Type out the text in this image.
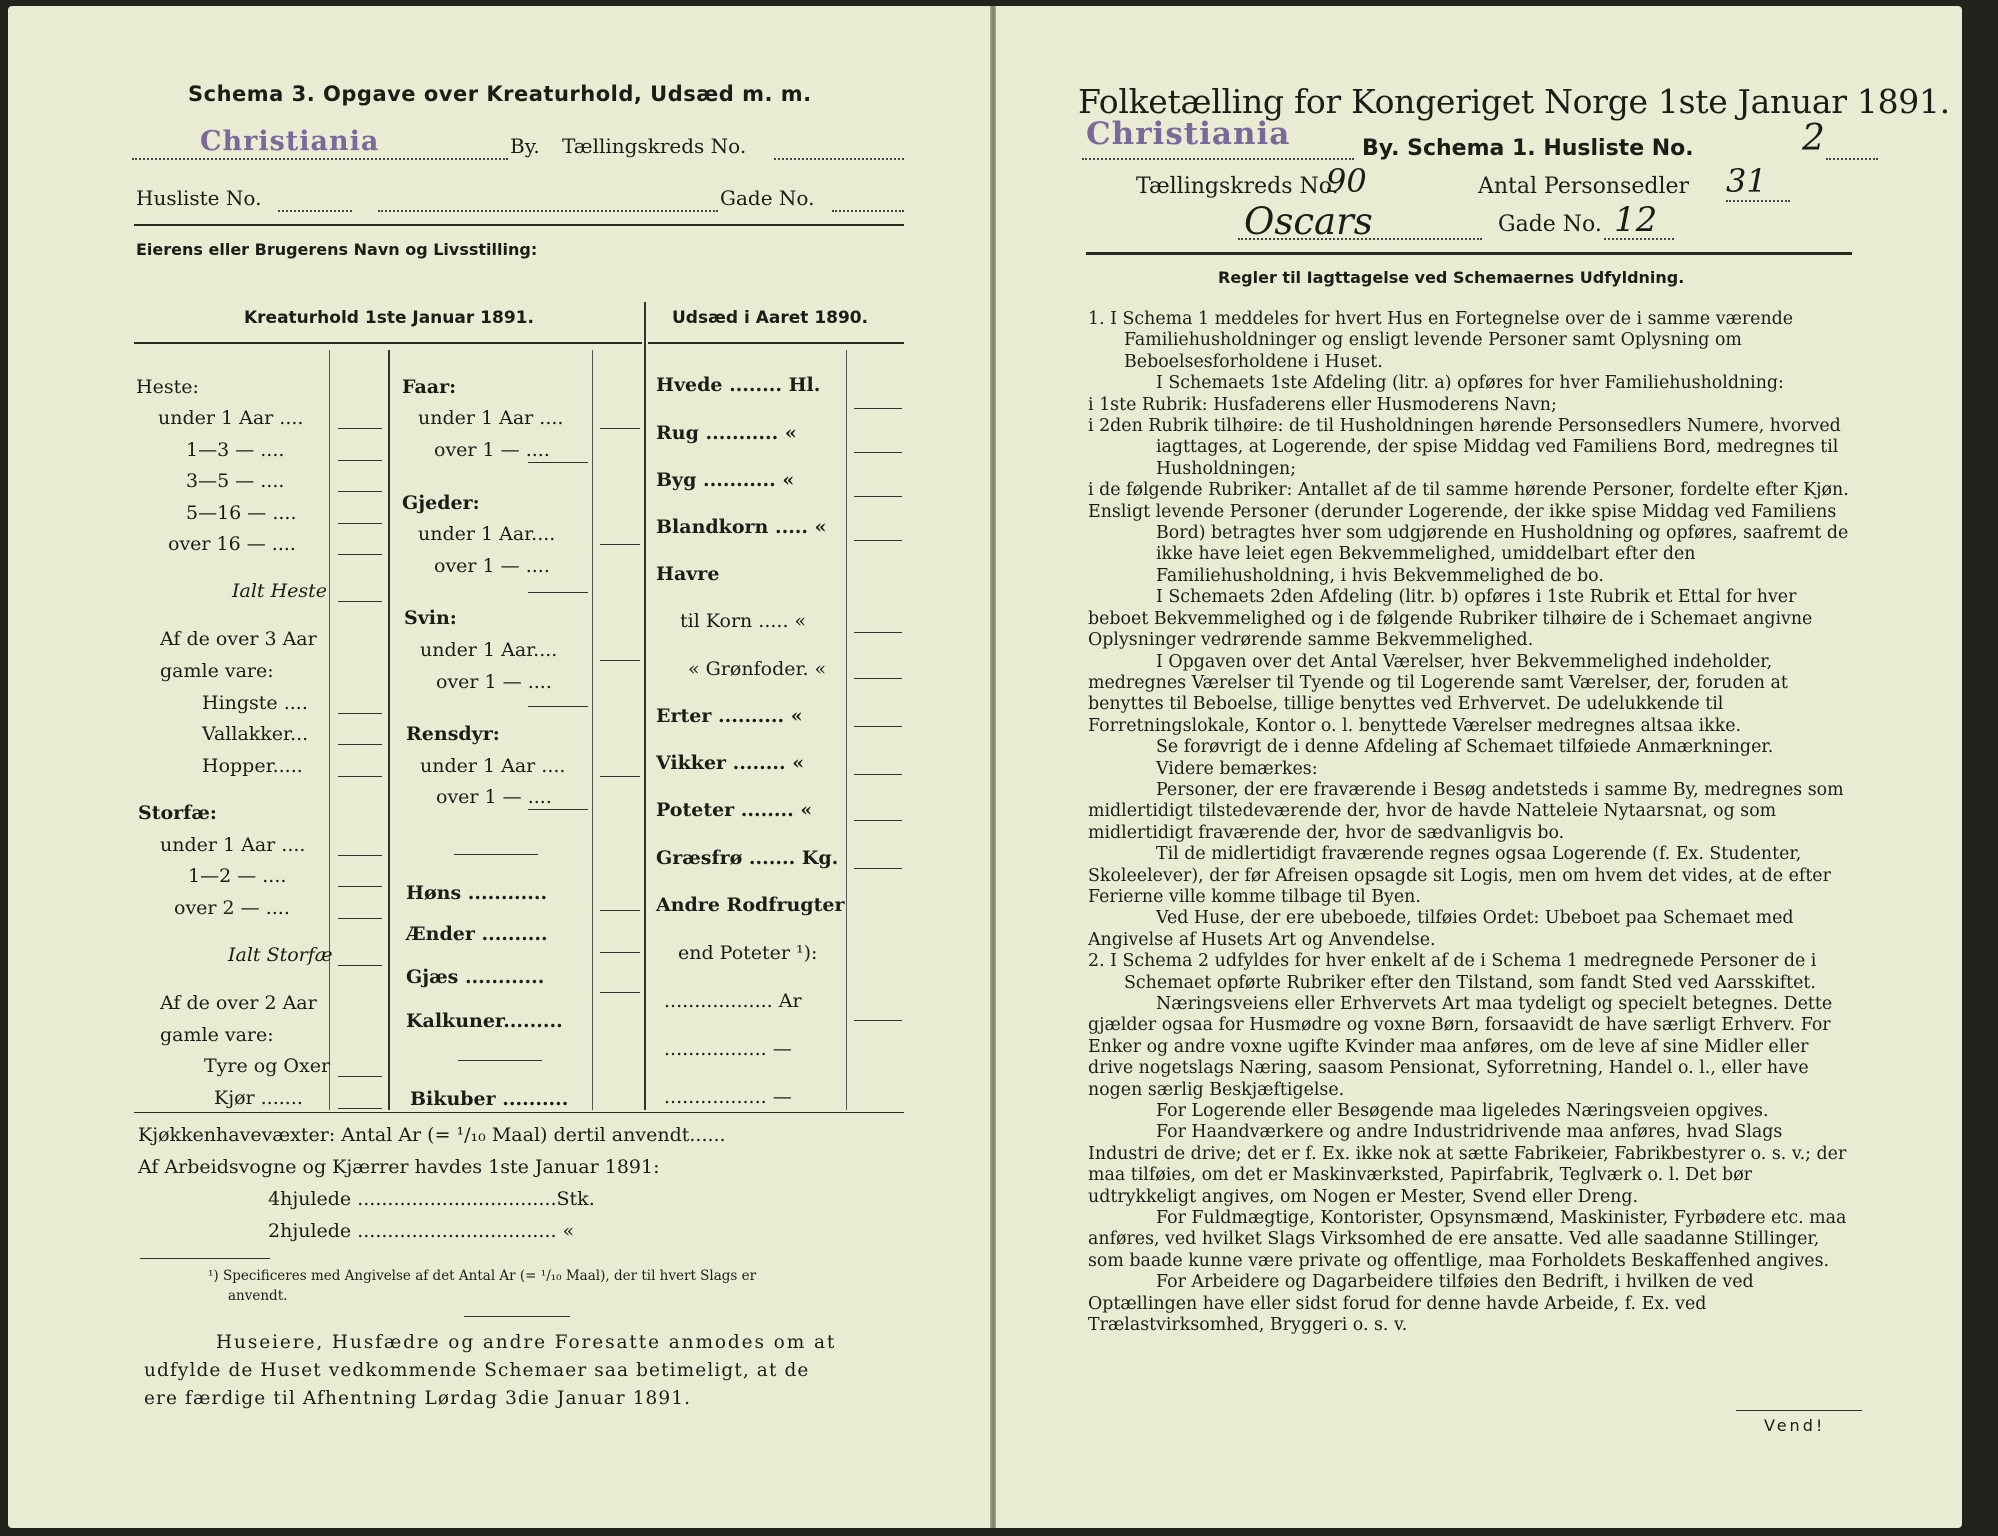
Schema 3. Opgave over Kreaturhold, Udsæd m. m.
Christiania	By. Tællingskreds No.
Husliste No.	Gade No.
Eierens eller Brugerens Navn og Livsstilling:
Kreaturhold 1ste Januar 1891.	Udsæd i Aaret 1890.
Heste:
under 1 Aar ....
1—3 — ....
3—5 — ....
5—16 — ....
over 16 — ....
Ialt Heste
Af de over 3 Aar
gamle vare:
Hingste ....
Vallakker...
Hopper.....
Storfæ:
under 1 Aar ....
1—2 — ....
over 2 — ....
Ialt Storfæ
Af de over 2 Aar
gamle vare:
Tyre og Oxer
Kjør .......
Faar:
under 1 Aar ....
over 1 — ....
Gjeder:
under 1 Aar....
over 1 — ....
Svin:
under 1 Aar....
over 1 — ....
Rensdyr:
under 1 Aar ....
over 1 — ....
Høns ............
Ænder ..........
Gjæs ............
Kalkuner.........
Bikuber ..........
Hvede ........ Hl.
Rug ........... «
Byg ........... «
Blandkorn ..... «
Havre
til Korn ..... «
« Grønfoder. «
Erter .......... «
Vikker ........ «
Poteter ........ «
Græsfrø ....... Kg.
Andre Rodfrugter
end Poteter ¹):
.................. Ar
................. —
................. —
Kjøkkenhavevæxter: Antal Ar (= ¹/₁₀ Maal) dertil anvendt......
Af Arbeidsvogne og Kjærrer havdes 1ste Januar 1891:
4hjulede .................................Stk.
2hjulede ................................. «
¹) Specificeres med Angivelse af det Antal Ar (= ¹/₁₀ Maal), der til hvert Slags er
anvendt.
Huseiere, Husfædre og andre Foresatte anmodes om at
udfylde de Huset vedkommende Schemaer saa betimeligt, at de
ere færdige til Afhentning Lørdag 3die Januar 1891.
Folketælling for Kongeriget Norge 1ste Januar 1891.
Christiania	By. Schema 1. Husliste No.	2
Tællingskreds No.
90	Antal Personsedler 31
Oscars	Gade No. 12
Regler til Iagttagelse ved Schemaernes Udfyldning.

1. I Schema 1 meddeles for hvert Hus en Fortegnelse over de i samme værende Familiehusholdninger og ensligt levende Personer samt Oplysning om Beboelsesforholdene i Huset.

I Schemaets 1ste Afdeling (litr. a) opføres for hver Familiehusholdning:

i 1ste Rubrik: Husfaderens eller Husmoderens Navn;

i 2den Rubrik tilhøire: de til Husholdningen hørende Personsedlers Numere, hvorved iagttages, at Logerende, der spise Middag ved Familiens Bord, medregnes til Husholdningen;

i de følgende Rubriker: Antallet af de til samme hørende Personer, fordelte efter Kjøn.

Ensligt levende Personer (derunder Logerende, der ikke spise Middag ved Familiens Bord) betragtes hver som udgjørende en Husholdning og opføres, saafremt de ikke have leiet egen Bekvemmelighed, umiddelbart efter den Familiehusholdning, i hvis Bekvemmelighed de bo.

I Schemaets 2den Afdeling (litr. b) opføres i 1ste Rubrik et Ettal for hver beboet Bekvemmelighed og i de følgende Rubriker tilhøire de i Schemaet angivne Oplysninger vedrørende samme Bekvemmelighed.

I Opgaven over det Antal Værelser, hver Bekvemmelighed indeholder, medregnes Værelser til Tyende og til Logerende samt Værelser, der, foruden at benyttes til Beboelse, tillige benyttes ved Erhvervet. De udelukkende til Forretningslokale, Kontor o. l. benyttede Værelser medregnes altsaa ikke.

Se forøvrigt de i denne Afdeling af Schemaet tilføiede Anmærkninger.

Videre bemærkes:

Personer, der ere fraværende i Besøg andetsteds i samme By, medregnes som midlertidigt tilstedeværende der, hvor de havde Natteleie Nytaarsnat, og som midlertidigt fraværende der, hvor de sædvanligvis bo.

Til de midlertidigt fraværende regnes ogsaa Logerende (f. Ex. Studenter, Skoleelever), der før Afreisen opsagde sit Logis, men om hvem det vides, at de efter Ferierne ville komme tilbage til Byen.

Ved Huse, der ere ubeboede, tilføies Ordet: Ubeboet paa Schemaet med Angivelse af Husets Art og Anvendelse.

2. I Schema 2 udfyldes for hver enkelt af de i Schema 1 medregnede Personer de i Schemaet opførte Rubriker efter den Tilstand, som fandt Sted ved Aarsskiftet.

Næringsveiens eller Erhvervets Art maa tydeligt og specielt betegnes. Dette gjælder ogsaa for Husmødre og voxne Børn, forsaavidt de have særligt Erhverv. For Enker og andre voxne ugifte Kvinder maa anføres, om de leve af sine Midler eller drive nogetslags Næring, saasom Pensionat, Syforretning, Handel o. l., eller have nogen særlig Beskjæftigelse.

For Logerende eller Besøgende maa ligeledes Næringsveien opgives.

For Haandværkere og andre Industridrivende maa anføres, hvad Slags Industri de drive; det er f. Ex. ikke nok at sætte Fabrikeier, Fabrikbestyrer o. s. v.; der maa tilføies, om det er Maskinværksted, Papirfabrik, Teglværk o. l. Det bør udtrykkeligt angives, om Nogen er Mester, Svend eller Dreng.

For Fuldmægtige, Kontorister, Opsynsmænd, Maskinister, Fyrbødere etc. maa anføres, ved hvilket Slags Virksomhed de ere ansatte. Ved alle saadanne Stillinger, som baade kunne være private og offentlige, maa Forholdets Beskaffenhed angives.

For Arbeidere og Dagarbeidere tilføies den Bedrift, i hvilken de ved Optællingen have eller sidst forud for denne havde Arbeide, f. Ex. ved Trælastvirksomhed, Bryggeri o. s. v.

Vend!
